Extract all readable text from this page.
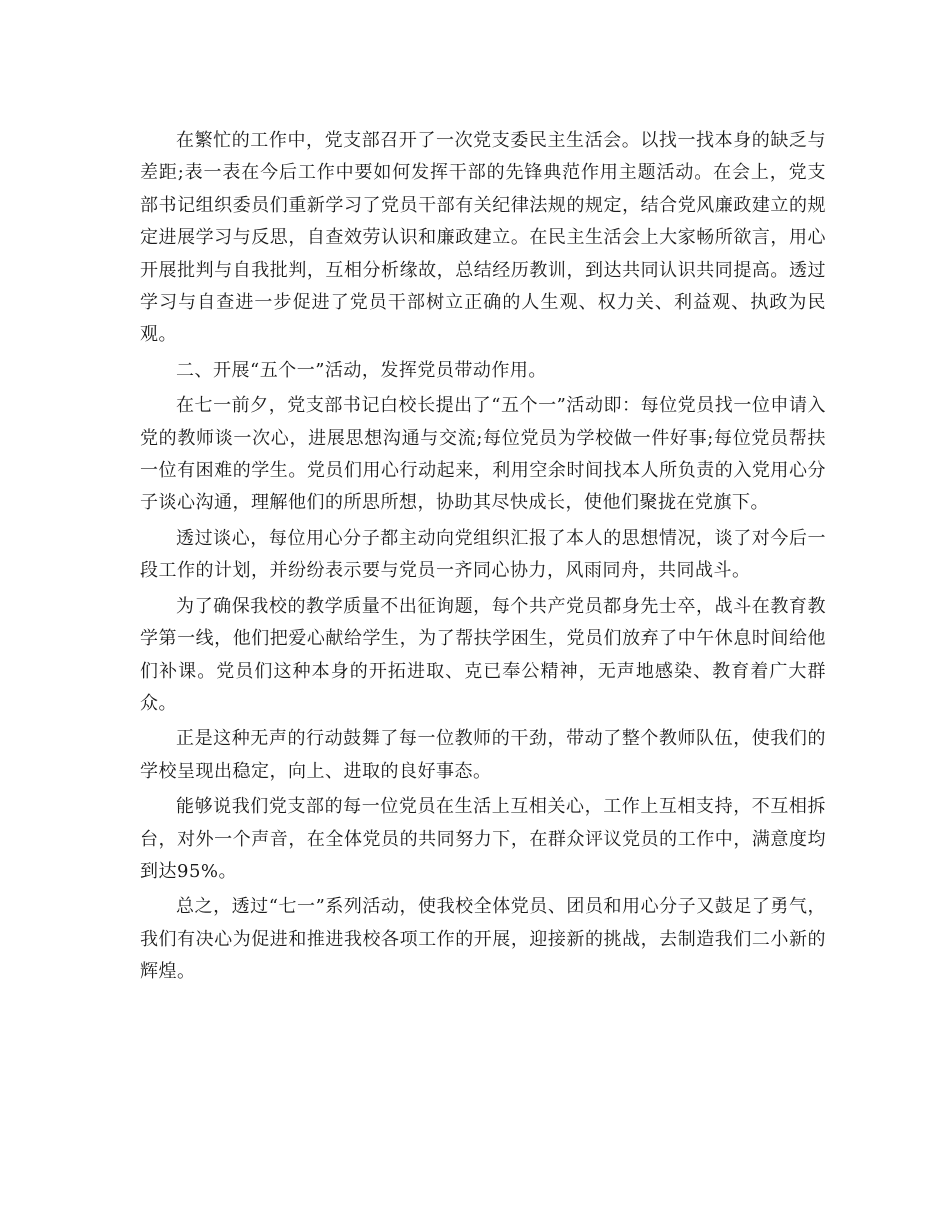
在繁忙的工作中，党支部召开了一次党支委民主生活会。以找一找本身的缺乏与差距;表一表在今后工作中要如何发挥干部的先锋典范作用主题活动。在会上，党支部书记组织委员们重新学习了党员干部有关纪律法规的规定，结合党风廉政建立的规定进展学习与反思，自查效劳认识和廉政建立。在民主生活会上大家畅所欲言，用心开展批判与自我批判，互相分析缘故，总结经历教训，到达共同认识共同提高。透过学习与自查进一步促进了党员干部树立正确的人生观、权力关、利益观、执政为民观。

二、开展“五个一”活动，发挥党员带动作用。

在七一前夕，党支部书记白校长提出了“五个一”活动即：每位党员找一位申请入党的教师谈一次心，进展思想沟通与交流;每位党员为学校做一件好事;每位党员帮扶一位有困难的学生。党员们用心行动起来，利用空余时间找本人所负责的入党用心分子谈心沟通，理解他们的所思所想，协助其尽快成长，使他们聚拢在党旗下。

透过谈心，每位用心分子都主动向党组织汇报了本人的思想情况，谈了对今后一段工作的计划，并纷纷表示要与党员一齐同心协力，风雨同舟，共同战斗。

为了确保我校的教学质量不出征询题，每个共产党员都身先士卒，战斗在教育教学第一线，他们把爱心献给学生，为了帮扶学困生，党员们放弃了中午休息时间给他们补课。党员们这种本身的开拓进取、克已奉公精神，无声地感染、教育着广大群众。

正是这种无声的行动鼓舞了每一位教师的干劲，带动了整个教师队伍，使我们的学校呈现出稳定，向上、进取的良好事态。

能够说我们党支部的每一位党员在生活上互相关心，工作上互相支持，不互相拆台，对外一个声音，在全体党员的共同努力下，在群众评议党员的工作中，满意度均到达95%。

总之，透过“七一”系列活动，使我校全体党员、团员和用心分子又鼓足了勇气，我们有决心为促进和推进我校各项工作的开展，迎接新的挑战，去制造我们二小新的辉煌。
